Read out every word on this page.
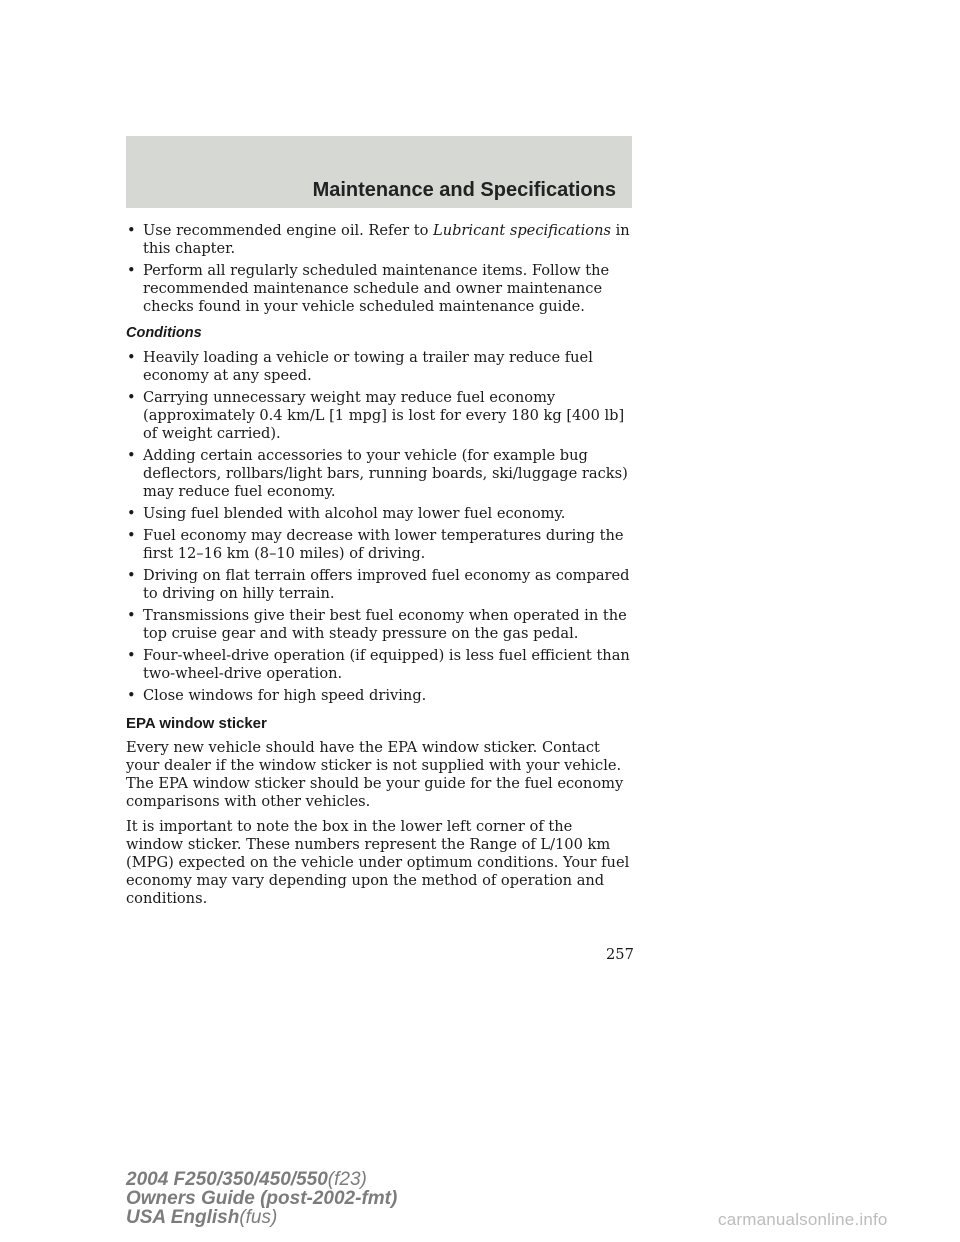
Maintenance and Specifications
• Use recommended engine oil. Refer to Lubricant specifications in this chapter.
• Perform all regularly scheduled maintenance items. Follow the recommended maintenance schedule and owner maintenance checks found in your vehicle scheduled maintenance guide.
Conditions
• Heavily loading a vehicle or towing a trailer may reduce fuel economy at any speed.
• Carrying unnecessary weight may reduce fuel economy (approximately 0.4 km/L [1 mpg] is lost for every 180 kg [400 lb] of weight carried).
• Adding certain accessories to your vehicle (for example bug deflectors, rollbars/light bars, running boards, ski/luggage racks) may reduce fuel economy.
• Using fuel blended with alcohol may lower fuel economy.
• Fuel economy may decrease with lower temperatures during the first 12–16 km (8–10 miles) of driving.
• Driving on flat terrain offers improved fuel economy as compared to driving on hilly terrain.
• Transmissions give their best fuel economy when operated in the top cruise gear and with steady pressure on the gas pedal.
• Four-wheel-drive operation (if equipped) is less fuel efficient than two-wheel-drive operation.
• Close windows for high speed driving.
EPA window sticker

Every new vehicle should have the EPA window sticker. Contact your dealer if the window sticker is not supplied with your vehicle. The EPA window sticker should be your guide for the fuel economy comparisons with other vehicles.

It is important to note the box in the lower left corner of the window sticker. These numbers represent the Range of L/100 km (MPG) expected on the vehicle under optimum conditions. Your fuel economy may vary depending upon the method of operation and conditions.

257
2004 F250/350/450/550(f23)
Owners Guide (post-2002-fmt)
USA English(fus)	carmanualsonline.info
